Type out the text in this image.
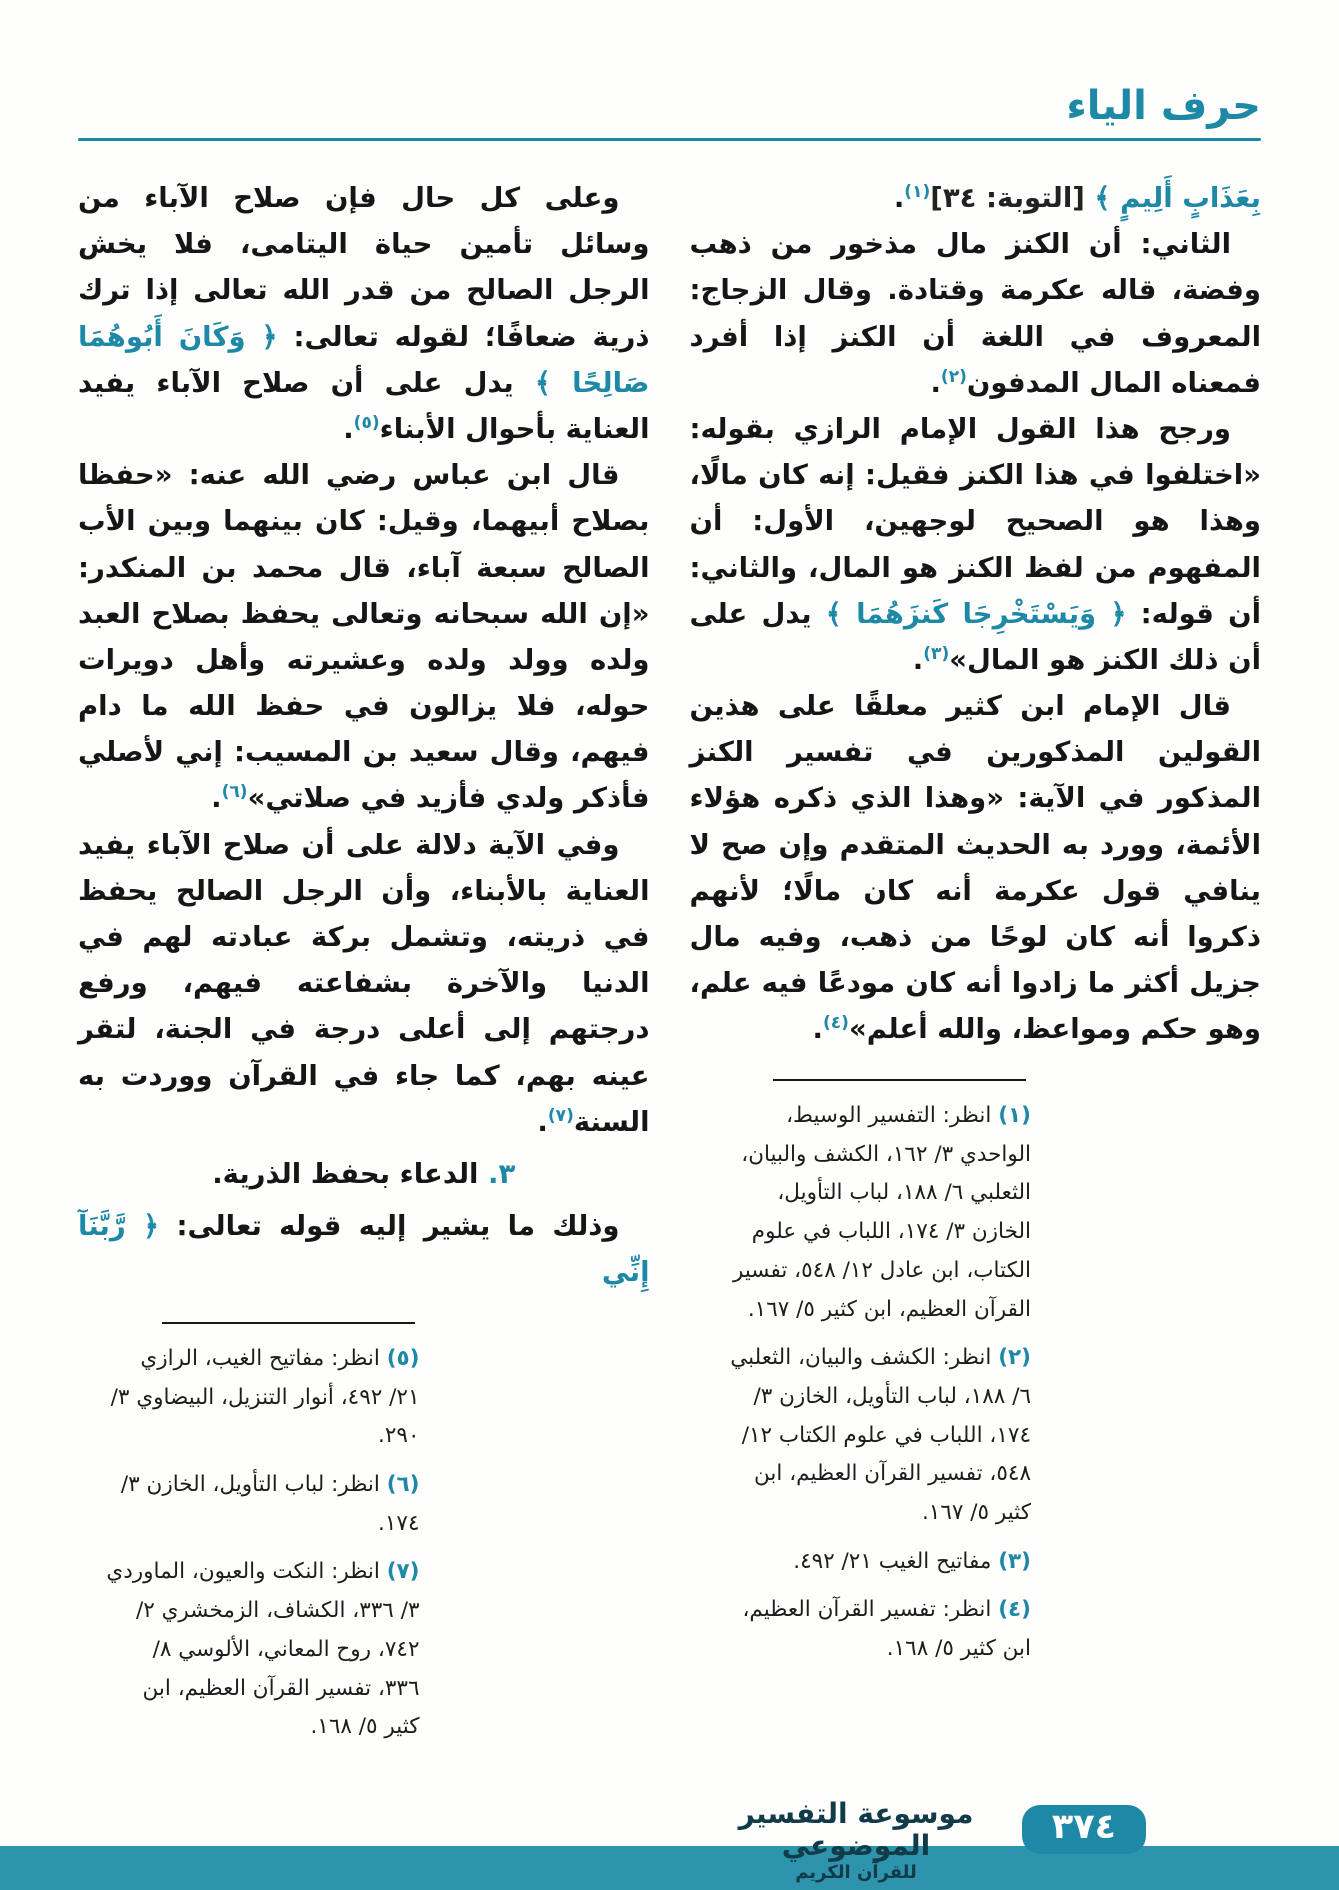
حرف الياء

بِعَذَابٍ أَلِيمٍ ﴾ [التوبة: ٣٤]$^{(١)}$.

الثاني: أن الكنز مال مذخور من ذهب وفضة، قاله عكرمة وقتادة. وقال الزجاج: المعروف في اللغة أن الكنز إذا أفرد فمعناه المال المدفون$^{(٢)}$.

ورجح هذا القول الإمام الرازي بقوله: «اختلفوا في هذا الكنز فقيل: إنه كان مالًا، وهذا هو الصحيح لوجهين، الأول: أن المفهوم من لفظ الكنز هو المال، والثاني: أن قوله: ﴿ وَيَسْتَخْرِجَا كَنزَهُمَا ﴾ يدل على أن ذلك الكنز هو المال»$^{(٣)}$.

قال الإمام ابن كثير معلقًا على هذين القولين المذكورين في تفسير الكنز المذكور في الآية: «وهذا الذي ذكره هؤلاء الأئمة، وورد به الحديث المتقدم وإن صح لا ينافي قول عكرمة أنه كان مالًا؛ لأنهم ذكروا أنه كان لوحًا من ذهب، وفيه مال جزيل أكثر ما زادوا أنه كان مودعًا فيه علم، وهو حكم ومواعظ، والله أعلم»$^{(٤)}$.

(١) انظر: التفسير الوسيط، الواحدي ٣/ ١٦٢، الكشف والبيان، الثعلبي ٦/ ١٨٨، لباب التأويل، الخازن ٣/ ١٧٤، اللباب في علوم الكتاب، ابن عادل ١٢/ ٥٤٨، تفسير القرآن العظيم، ابن كثير ٥/ ١٦٧.
(٢) انظر: الكشف والبيان، الثعلبي ٦/ ١٨٨، لباب التأويل، الخازن ٣/ ١٧٤، اللباب في علوم الكتاب ١٢/ ٥٤٨، تفسير القرآن العظيم، ابن كثير ٥/ ١٦٧.
(٣) مفاتيح الغيب ٢١/ ٤٩٢.
(٤) انظر: تفسير القرآن العظيم، ابن كثير ٥/ ١٦٨.

وعلى كل حال فإن صلاح الآباء من وسائل تأمين حياة اليتامى، فلا يخش الرجل الصالح من قدر الله تعالى إذا ترك ذرية ضعافًا؛ لقوله تعالى: ﴿ وَكَانَ أَبُوهُمَا صَالِحًا ﴾ يدل على أن صلاح الآباء يفيد العناية بأحوال الأبناء$^{(٥)}$.

قال ابن عباس رضي الله عنه: «حفظا بصلاح أبيهما، وقيل: كان بينهما وبين الأب الصالح سبعة آباء، قال محمد بن المنكدر: «إن الله سبحانه وتعالى يحفظ بصلاح العبد ولده وولد ولده وعشيرته وأهل دويرات حوله، فلا يزالون في حفظ الله ما دام فيهم، وقال سعيد بن المسيب: إني لأصلي فأذكر ولدي فأزيد في صلاتي»$^{(٦)}$.

وفي الآية دلالة على أن صلاح الآباء يفيد العناية بالأبناء، وأن الرجل الصالح يحفظ في ذريته، وتشمل بركة عبادته لهم في الدنيا والآخرة بشفاعته فيهم، ورفع درجتهم إلى أعلى درجة في الجنة، لتقر عينه بهم، كما جاء في القرآن ووردت به السنة$^{(٧)}$.

٣. الدعاء بحفظ الذرية.

وذلك ما يشير إليه قوله تعالى: ﴿ رَّبَّنَآ إِنِّي

(٥) انظر: مفاتيح الغيب، الرازي ٢١/ ٤٩٢، أنوار التنزيل، البيضاوي ٣/ ٢٩٠.
(٦) انظر: لباب التأويل، الخازن ٣/ ١٧٤.
(٧) انظر: النكت والعيون، الماوردي ٣/ ٣٣٦، الكشاف، الزمخشري ٢/ ٧٤٢، روح المعاني، الألوسي ٨/ ٣٣٦، تفسير القرآن العظيم، ابن كثير ٥/ ١٦٨.
موسوعة التفسير الموضوعي
للقرآن الكريم
٣٧٤
